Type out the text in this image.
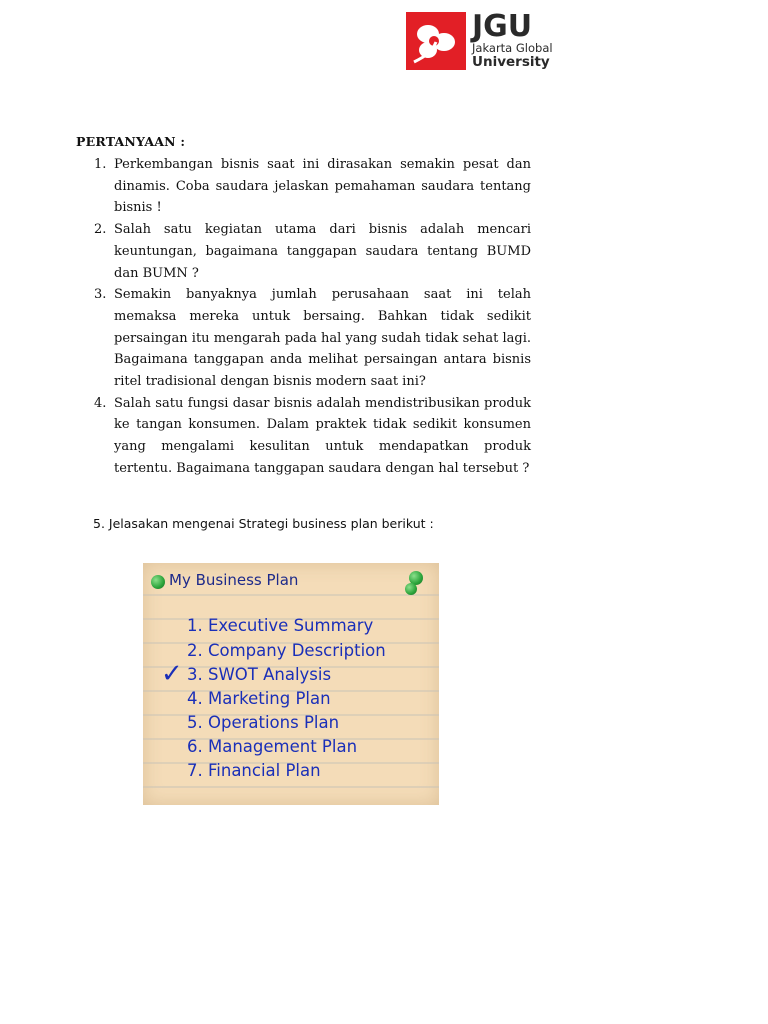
JGU
Jakarta Global
University
PERTANYAAN :
1. Perkembangan bisnis saat ini dirasakan semakin pesat dan dinamis. Coba saudara jelaskan pemahaman saudara tentang bisnis !
2. Salah satu kegiatan utama dari bisnis adalah mencari keuntungan, bagaimana tanggapan saudara tentang BUMD dan BUMN ?
3. Semakin banyaknya jumlah perusahaan saat ini telah memaksa mereka untuk bersaing. Bahkan tidak sedikit persaingan itu mengarah pada hal yang sudah tidak sehat lagi. Bagaimana tanggapan anda melihat persaingan antara bisnis ritel tradisional dengan bisnis modern saat ini?
4. Salah satu fungsi dasar bisnis adalah mendistribusikan produk ke tangan konsumen. Dalam praktek tidak sedikit konsumen yang mengalami kesulitan untuk mendapatkan produk tertentu. Bagaimana tanggapan saudara dengan hal tersebut ?
5. Jelasakan mengenai Strategi business plan berikut :
My Business Plan
✓
1. Executive Summary
2. Company Description
3. SWOT Analysis
4. Marketing Plan
5. Operations Plan
6. Management Plan
7. Financial Plan
